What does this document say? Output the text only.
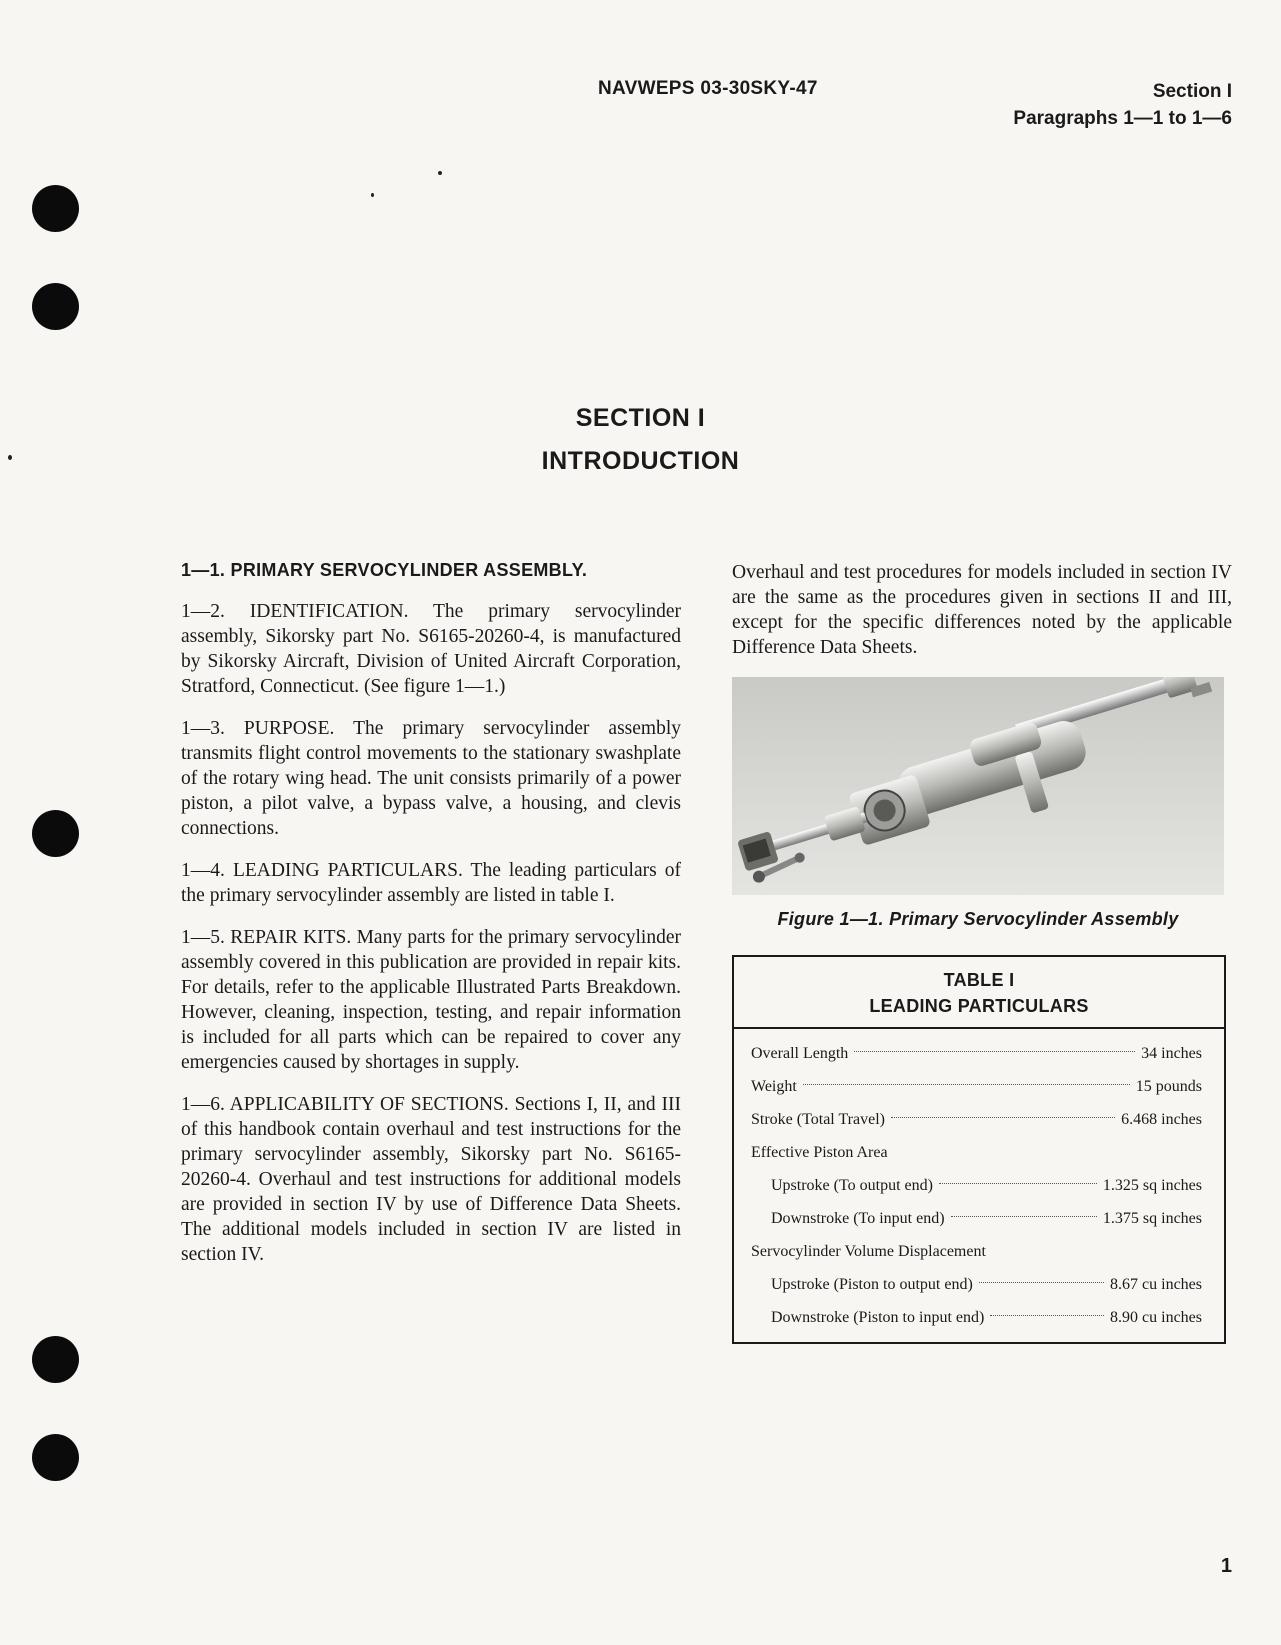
NAVWEPS 03-30SKY-47	Section I
Paragraphs 1—1 to 1—6
SECTION I
INTRODUCTION

1—1. PRIMARY SERVOCYLINDER ASSEMBLY.

1—2. IDENTIFICATION. The primary servocylinder assembly, Sikorsky part No. S6165-20260-4, is manufactured by Sikorsky Aircraft, Division of United Aircraft Corporation, Stratford, Connecticut. (See figure 1—1.)

1—3. PURPOSE. The primary servocylinder assembly transmits flight control movements to the stationary swashplate of the rotary wing head. The unit consists primarily of a power piston, a pilot valve, a bypass valve, a housing, and clevis connections.

1—4. LEADING PARTICULARS. The leading particulars of the primary servocylinder assembly are listed in table I.

1—5. REPAIR KITS. Many parts for the primary servocylinder assembly covered in this publication are provided in repair kits. For details, refer to the applicable Illustrated Parts Breakdown. However, cleaning, inspection, testing, and repair information is included for all parts which can be repaired to cover any emergencies caused by shortages in supply.

1—6. APPLICABILITY OF SECTIONS. Sections I, II, and III of this handbook contain overhaul and test instructions for the primary servocylinder assembly, Sikorsky part No. S6165-20260-4. Overhaul and test instructions for additional models are provided in section IV by use of Difference Data Sheets. The additional models included in section IV are listed in section IV.

Overhaul and test procedures for models included in section IV are the same as the procedures given in sections II and III, except for the specific differences noted by the applicable Difference Data Sheets.

Figure 1—1. Primary Servocylinder Assembly
TABLE I
LEADING PARTICULARS
Overall Length	34 inches
Weight	15 pounds
Stroke (Total Travel)	6.468 inches
Effective Piston Area
Upstroke (To output end)	1.325 sq inches
Downstroke (To input end)	1.375 sq inches
Servocylinder Volume Displacement
Upstroke (Piston to output end)	8.67 cu inches
Downstroke (Piston to input end)	8.90 cu inches
1
